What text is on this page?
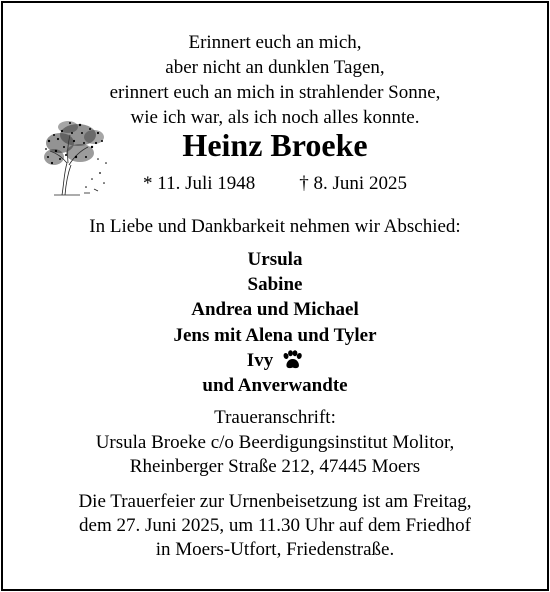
Erinnert euch an mich,
aber nicht an dunklen Tagen,
erinnert euch an mich in strahlender Sonne,
wie ich war, als ich noch alles konnte.
Heinz Broeke
* 11. Juli 1948 † 8. Juni 2025
In Liebe und Dankbarkeit nehmen wir Abschied:
Ursula
Sabine
Andrea und Michael
Jens mit Alena und Tyler
Ivy
und Anverwandte
Traueranschrift:
Ursula Broeke c/o Beerdigungsinstitut Molitor,
Rheinberger Straße 212, 47445 Moers
Die Trauerfeier zur Urnenbeisetzung ist am Freitag,
dem 27. Juni 2025, um 11.30 Uhr auf dem Friedhof
in Moers-Utfort, Friedenstraße.
